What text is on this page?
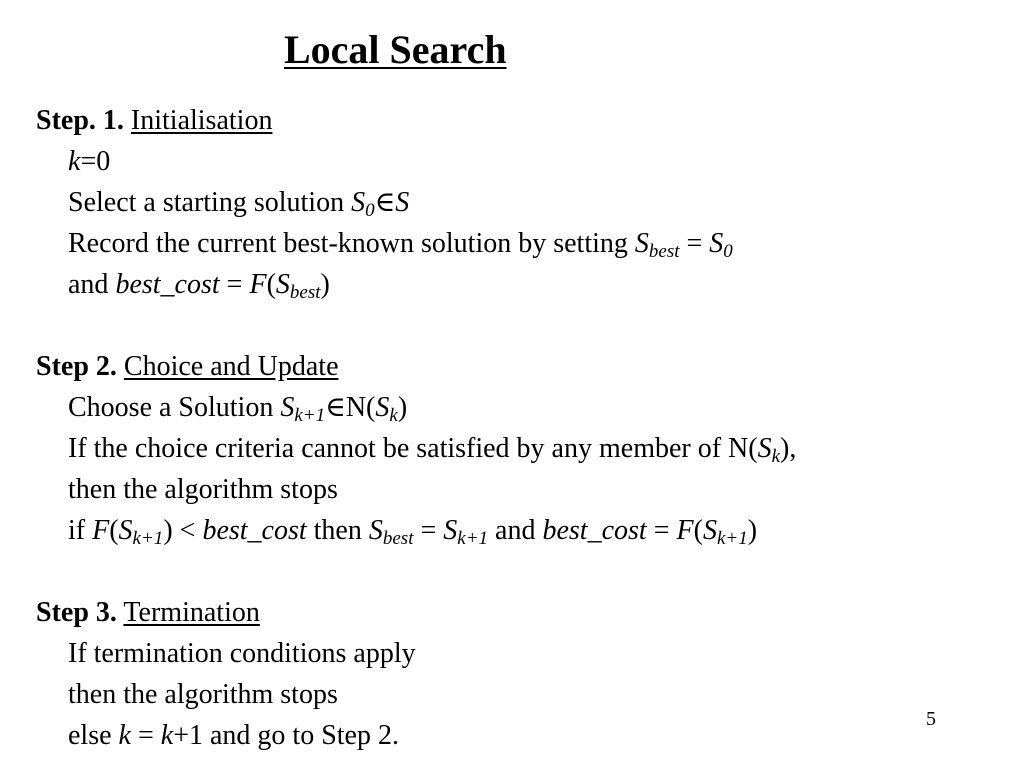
Local Search
Step. 1. Initialisation
k=0
Select a starting solution $S_0\in S$
Record the current best-known solution by setting $S_{best} = S_0$
and best_cost = $F(S_{best})$
Step 2. Choice and Update
Choose a Solution $S_{k+1}\in N(S_k)$
If the choice criteria cannot be satisfied by any member of $N(S_k)$,
then the algorithm stops
if $F(S_{k+1})$ < best_cost then $S_{best} = S_{k+1}$ and best_cost = $F(S_{k+1})$
Step 3. Termination
If termination conditions apply
then the algorithm stops
else k = k+1 and go to Step 2.
5
